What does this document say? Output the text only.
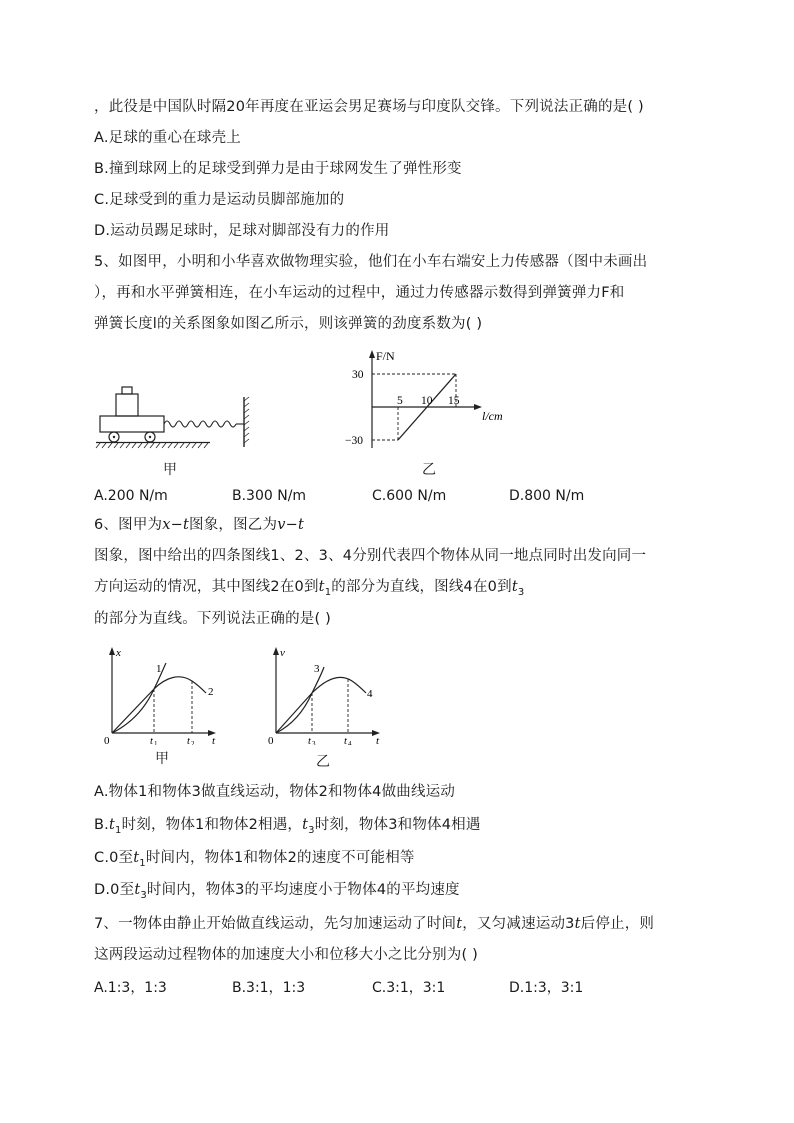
，此役是中国队时隔20年再度在亚运会男足赛场与印度队交锋。下列说法正确的是( )
A.足球的重心在球壳上
B.撞到球网上的足球受到弹力是由于球网发生了弹性形变
C.足球受到的重力是运动员脚部施加的
D.运动员踢足球时，足球对脚部没有力的作用
5、如图甲，小明和小华喜欢做物理实验，他们在小车右端安上力传感器（图中未画出
），再和水平弹簧相连，在小车运动的过程中，通过力传感器示数得到弹簧弹力F和
弹簧长度l的关系图象如图乙所示，则该弹簧的劲度系数为( )
甲
F/N
l/cm
30
−30
5 10 15
乙
A.200 N/m	B.300 N/m	C.600 N/m	D.800 N/m
6、图甲为x−t图象，图乙为v−t
图象，图中给出的四条图线1、2、3、4分别代表四个物体从同一地点同时出发向同一
方向运动的情况，其中图线2在0到$t_1$的部分为直线，图线4在0到$t_3$
的部分为直线。下列说法正确的是( )
x
t
0	t 1	t 2
1
2
甲
v
t
0	t 3	t 4
3
4
乙
A.物体1和物体3做直线运动，物体2和物体4做曲线运动
$B.t_1$时刻，物体1和物体2相遇，$t_3$时刻，物体3和物体4相遇
C.0至$t_1$时间内，物体1和物体2的速度不可能相等
D.0至$t_3$时间内，物体3的平均速度小于物体4的平均速度
7、一物体由静止开始做直线运动，先匀加速运动了时间t，又匀减速运动3t后停止，则
这两段运动过程物体的加速度大小和位移大小之比分别为( )
A.1:3，1:3	B.3:1，1:3	C.3:1，3:1	D.1:3，3:1
